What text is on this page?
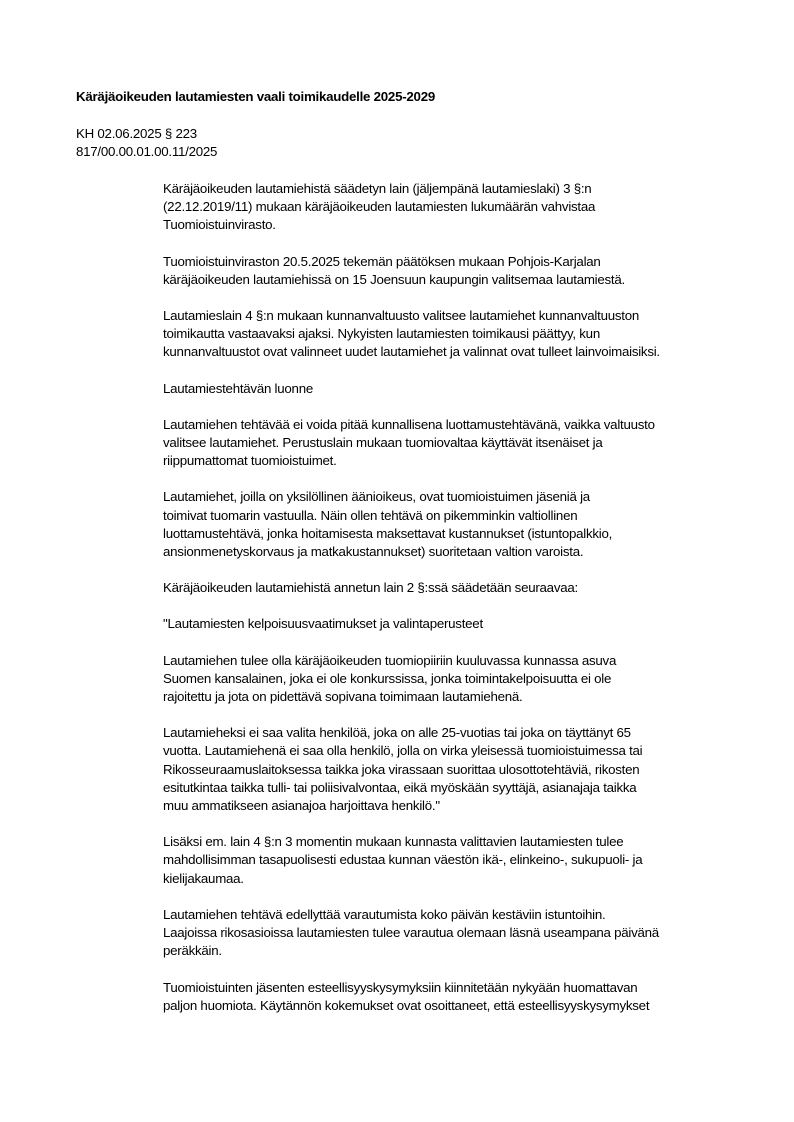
Käräjäoikeuden lautamiesten vaali toimikaudelle 2025-2029
KH 02.06.2025 § 223
817/00.00.01.00.11/2025

Käräjäoikeuden lautamiehistä säädetyn lain (jäljempänä lautamieslaki) 3 §:n
(22.12.2019/11) mukaan käräjäoikeuden lautamiesten lukumäärän vahvistaa
Tuomioistuinvirasto.

Tuomioistuinviraston 20.5.2025 tekemän päätöksen mukaan Pohjois-Karjalan
käräjäoikeuden lautamiehissä on 15 Joensuun kaupungin valitsemaa lautamiestä.

Lautamieslain 4 §:n mukaan kunnanvaltuusto valitsee lautamiehet kunnanvaltuuston
toimikautta vastaavaksi ajaksi. Nykyisten lautamiesten toimikausi päättyy, kun
kunnanvaltuustot ovat valinneet uudet lautamiehet ja valinnat ovat tulleet lainvoimaisiksi.

Lautamiestehtävän luonne

Lautamiehen tehtävää ei voida pitää kunnallisena luottamustehtävänä, vaikka valtuusto
valitsee lautamiehet. Perustuslain mukaan tuomiovaltaa käyttävät itsenäiset ja
riippumattomat tuomioistuimet.

Lautamiehet, joilla on yksilöllinen äänioikeus, ovat tuomioistuimen jäseniä ja
toimivat tuomarin vastuulla. Näin ollen tehtävä on pikemminkin valtiollinen
luottamustehtävä, jonka hoitamisesta maksettavat kustannukset (istuntopalkkio,
ansionmenetyskorvaus ja matkakustannukset) suoritetaan valtion varoista.

Käräjäoikeuden lautamiehistä annetun lain 2 §:ssä säädetään seuraavaa:

"Lautamiesten kelpoisuusvaatimukset ja valintaperusteet

Lautamiehen tulee olla käräjäoikeuden tuomiopiiriin kuuluvassa kunnassa asuva
Suomen kansalainen, joka ei ole konkurssissa, jonka toimintakelpoisuutta ei ole
rajoitettu ja jota on pidettävä sopivana toimimaan lautamiehenä.

Lautamieheksi ei saa valita henkilöä, joka on alle 25-vuotias tai joka on täyttänyt 65
vuotta. Lautamiehenä ei saa olla henkilö, jolla on virka yleisessä tuomioistuimessa tai
Rikosseuraamuslaitoksessa taikka joka virassaan suorittaa ulosottotehtäviä, rikosten
esitutkintaa taikka tulli- tai poliisivalvontaa, eikä myöskään syyttäjä, asianajaja taikka
muu ammatikseen asianajoa harjoittava henkilö."

Lisäksi em. lain 4 §:n 3 momentin mukaan kunnasta valittavien lautamiesten tulee
mahdollisimman tasapuolisesti edustaa kunnan väestön ikä-, elinkeino-, sukupuoli- ja
kielijakaumaa.

Lautamiehen tehtävä edellyttää varautumista koko päivän kestäviin istuntoihin.
Laajoissa rikosasioissa lautamiesten tulee varautua olemaan läsnä useampana päivänä
peräkkäin.

Tuomioistuinten jäsenten esteellisyyskysymyksiin kiinnitetään nykyään huomattavan
paljon huomiota. Käytännön kokemukset ovat osoittaneet, että esteellisyyskysymykset
